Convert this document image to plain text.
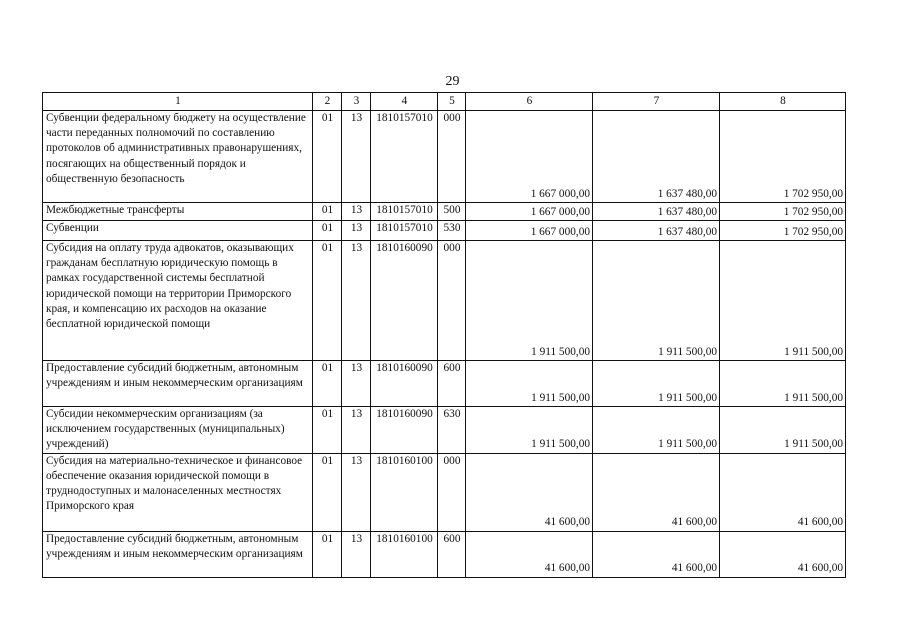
29
1	2	3	4	5	6	7	8
Субвенции федеральному бюджету на осуществление части переданных полномочий по составлению протоколов об административных правонарушениях, посягающих на общественный порядок и общественную безопасность	01	13	1810157010	000	1 667 000,00	1 637 480,00	1 702 950,00
Межбюджетные трансферты	01	13	1810157010	500	1 667 000,00	1 637 480,00	1 702 950,00
Субвенции	01	13	1810157010	530	1 667 000,00	1 637 480,00	1 702 950,00
Субсидия на оплату труда адвокатов, оказывающих гражданам бесплатную юридическую помощь в рамках государственной системы бесплатной юридической помощи на территории Приморского края, и компенсацию их расходов на оказание бесплатной юридической помощи	01	13	1810160090	000	1 911 500,00	1 911 500,00	1 911 500,00
Предоставление субсидий бюджетным, автономным учреждениям и иным некоммерческим организациям	01	13	1810160090	600	1 911 500,00	1 911 500,00	1 911 500,00
Субсидии некоммерческим организациям (за исключением государственных (муниципальных) учреждений)	01	13	1810160090	630	1 911 500,00	1 911 500,00	1 911 500,00
Субсидия на материально-техническое и финансовое обеспечение оказания юридической помощи в труднодоступных и малонаселенных местностях Приморского края	01	13	1810160100	000	41 600,00	41 600,00	41 600,00
Предоставление субсидий бюджетным, автономным учреждениям и иным некоммерческим организациям	01	13	1810160100	600	41 600,00	41 600,00	41 600,00
